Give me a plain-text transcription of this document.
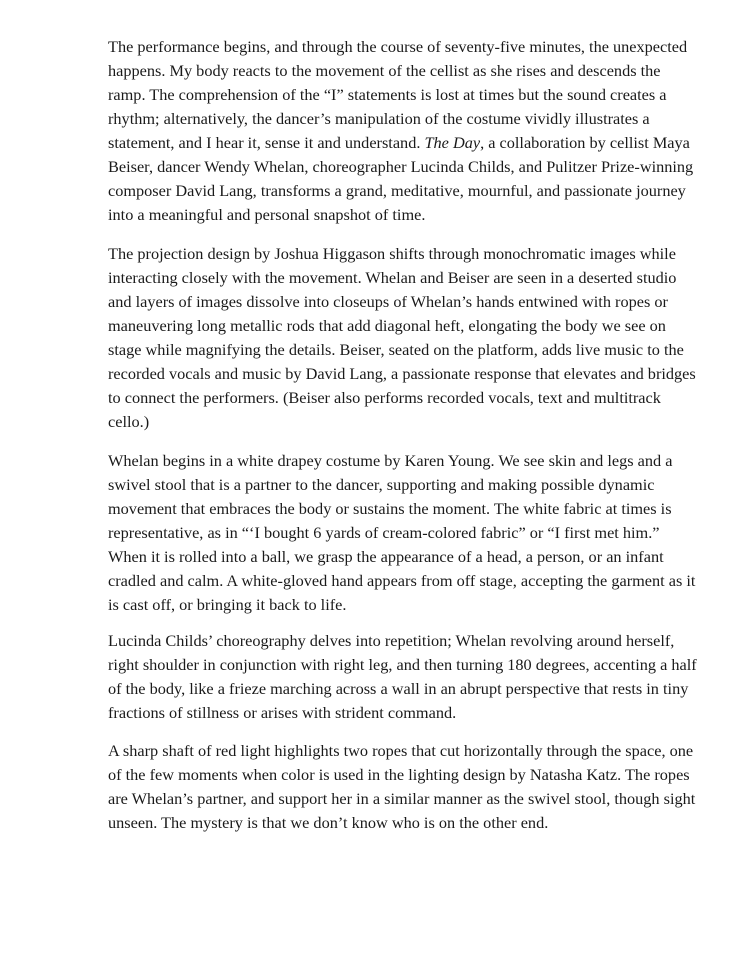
The performance begins, and through the course of seventy-five minutes, the unexpected happens. My body reacts to the movement of the cellist as she rises and descends the ramp. The comprehension of the “I” statements is lost at times but the sound creates a rhythm; alternatively, the dancer’s manipulation of the costume vividly illustrates a statement, and I hear it, sense it and understand. The Day, a collaboration by cellist Maya Beiser, dancer Wendy Whelan, choreographer Lucinda Childs, and Pulitzer Prize-winning composer David Lang, transforms a grand, meditative, mournful, and passionate journey into a meaningful and personal snapshot of time.

The projection design by Joshua Higgason shifts through monochromatic images while interacting closely with the movement. Whelan and Beiser are seen in a deserted studio and layers of images dissolve into closeups of Whelan’s hands entwined with ropes or maneuvering long metallic rods that add diagonal heft, elongating the body we see on stage while magnifying the details. Beiser, seated on the platform, adds live music to the recorded vocals and music by David Lang, a passionate response that elevates and bridges to connect the performers. (Beiser also performs recorded vocals, text and multitrack cello.)

Whelan begins in a white drapey costume by Karen Young. We see skin and legs and a swivel stool that is a partner to the dancer, supporting and making possible dynamic movement that embraces the body or sustains the moment. The white fabric at times is representative, as in “‘I bought 6 yards of cream-colored fabric” or “I first met him.” When it is rolled into a ball, we grasp the appearance of a head, a person, or an infant cradled and calm. A white-gloved hand appears from off stage, accepting the garment as it is cast off, or bringing it back to life.

Lucinda Childs’ choreography delves into repetition; Whelan revolving around herself, right shoulder in conjunction with right leg, and then turning 180 degrees, accenting a half of the body, like a frieze marching across a wall in an abrupt perspective that rests in tiny fractions of stillness or arises with strident command.

A sharp shaft of red light highlights two ropes that cut horizontally through the space, one of the few moments when color is used in the lighting design by Natasha Katz. The ropes are Whelan’s partner, and support her in a similar manner as the swivel stool, though sight unseen. The mystery is that we don’t know who is on the other end.
